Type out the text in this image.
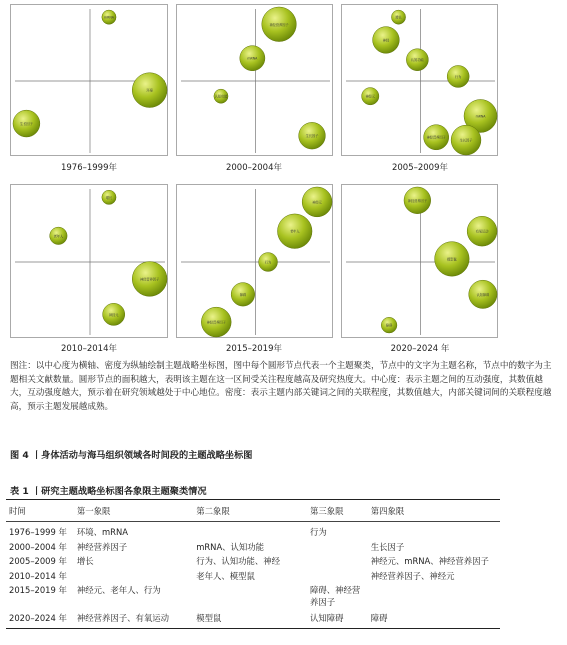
mRNA
环境
生长因子
神经营养因子
mRNA
认知功能
生长因子
增长
神经
认知功能
行为
神经元
mRNA
神经营养因子
生长因子
增长
老年人
神经营养因子
神经元
神经元
老年人
行为
障碍
神经营养因子
神经营养因子
有氧运动
模型鼠
认知障碍
障碍
1976–1999年	2000–2004年	2005–2009年
2010–2014年	2015–2019年	2020–2024 年
图注：以中心度为横轴、密度为纵轴绘制主题战略坐标图，图中每个圆形节点代表一个主题聚类，节点中的文字为主题名称，节点中的数字为主题相关文献数量。圆形节点的面积越大，表明该主题在这一区间受关注程度越高及研究热度大。中心度：表示主题之间的互动强度，其数值越大，互动强度越大，预示着在研究领域越处于中心地位。密度：表示主题内部关键词之间的关联程度，其数值越大，内部关键词间的关联程度越高，预示主题发展越成熟。
图 4 丨身体活动与海马组织领域各时间段的主题战略坐标图
表 1 丨研究主题战略坐标图各象限主题聚类情况
时间	第一象限	第二象限	第三象限	第四象限
1976–1999 年	环境、mRNA		行为	
2000–2004 年	神经营养因子	mRNA、认知功能		生长因子
2005–2009 年	增长	行为、认知功能、神经		神经元、mRNA、神经营养因子
2010–2014 年		老年人、模型鼠		神经营养因子、神经元
2015–2019 年	神经元、老年人、行为		障碍、神经营养因子	
2020–2024 年	神经营养因子、有氧运动	模型鼠	认知障碍	障碍
